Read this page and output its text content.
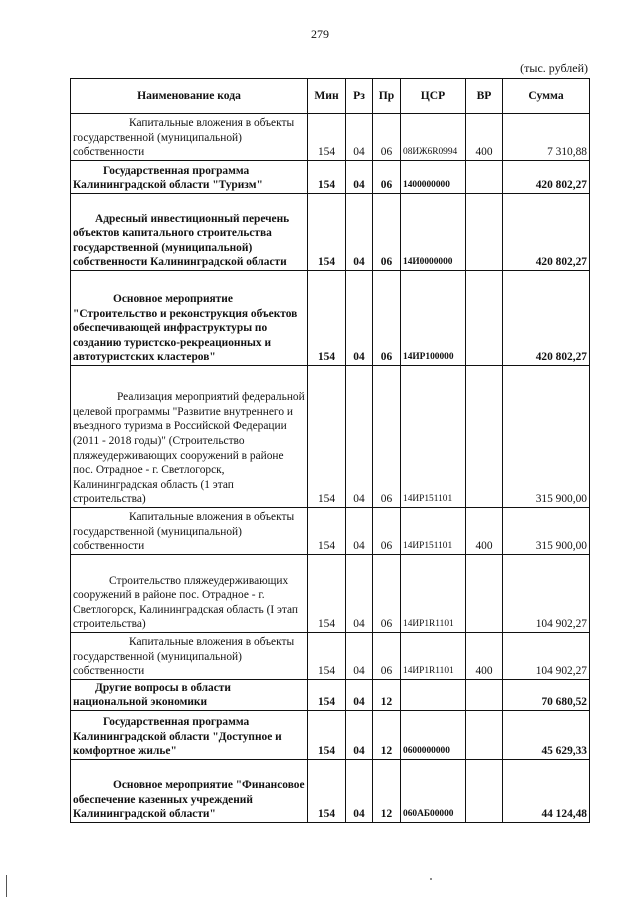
279
(тыс. рублей)
Наименование кода	Мин	Рз	Пр	ЦСР	ВР	Сумма

Капитальные вложения в объекты государственной (муниципальной) собственности	154	04	06	08ИЖ6R0994	400	7 310,88

Государственная программа Калининградской области "Туризм"	154	04	06	1400000000		420 802,27

Адресный инвестиционный перечень объектов капитального строительства государственной (муниципальной) собственности Калининградской области	154	04	06	14И0000000		420 802,27

Основное мероприятие "Строительство и реконструкция объектов обеспечивающей инфраструктуры по созданию туристско-рекреационных и автотуристских кластеров"	154	04	06	14ИР100000		420 802,27

Реализация мероприятий федеральной целевой программы "Развитие внутреннего и въездного туризма в Российской Федерации (2011 - 2018 годы)" (Строительство пляжеудерживающих сооружений в районе пос. Отрадное - г. Светлогорск, Калининградская область (1 этап строительства)	154	04	06	14ИР151101		315 900,00

Капитальные вложения в объекты государственной (муниципальной) собственности	154	04	06	14ИР151101	400	315 900,00

Строительство пляжеудерживающих сооружений в районе пос. Отрадное - г. Светлогорск, Калининградская область (I этап строительства)	154	04	06	14ИР1R1101		104 902,27

Капитальные вложения в объекты государственной (муниципальной) собственности	154	04	06	14ИР1R1101	400	104 902,27

Другие вопросы в области национальной экономики	154	04	12			70 680,52

Государственная программа Калининградской области "Доступное и комфортное жилье"	154	04	12	0600000000		45 629,33

Основное мероприятие "Финансовое обеспечение казенных учреждений Калининградской области"	154	04	12	060АБ00000		44 124,48
